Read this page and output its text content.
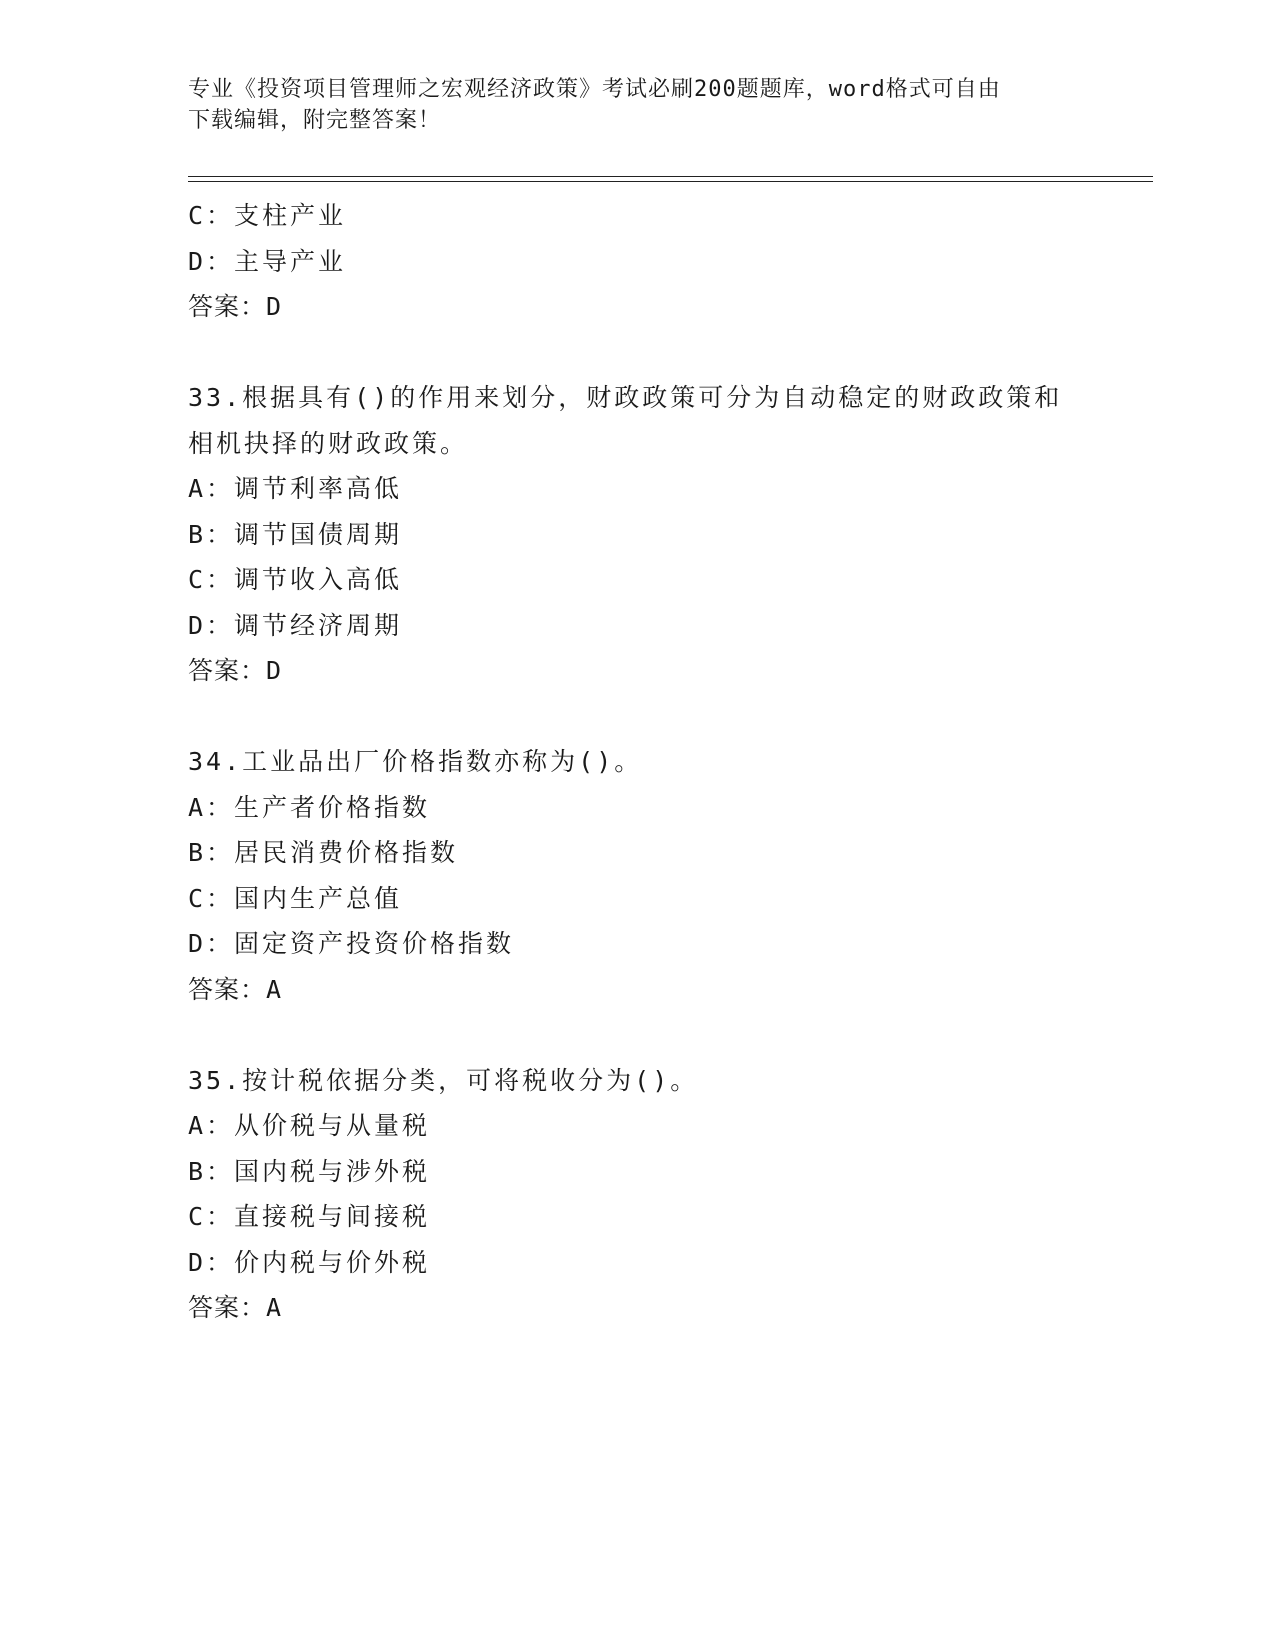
专业《投资项目管理师之宏观经济政策》考试必刷200题题库，word格式可自由
下载编辑，附完整答案！
C：支柱产业
D：主导产业
答案：D
33.根据具有()的作用来划分，财政政策可分为自动稳定的财政政策和
相机抉择的财政政策。
A：调节利率高低
B：调节国债周期
C：调节收入高低
D：调节经济周期
答案：D
34.工业品出厂价格指数亦称为()。
A：生产者价格指数
B：居民消费价格指数
C：国内生产总值
D：固定资产投资价格指数
答案：A
35.按计税依据分类，可将税收分为()。
A：从价税与从量税
B：国内税与涉外税
C：直接税与间接税
D：价内税与价外税
答案：A
